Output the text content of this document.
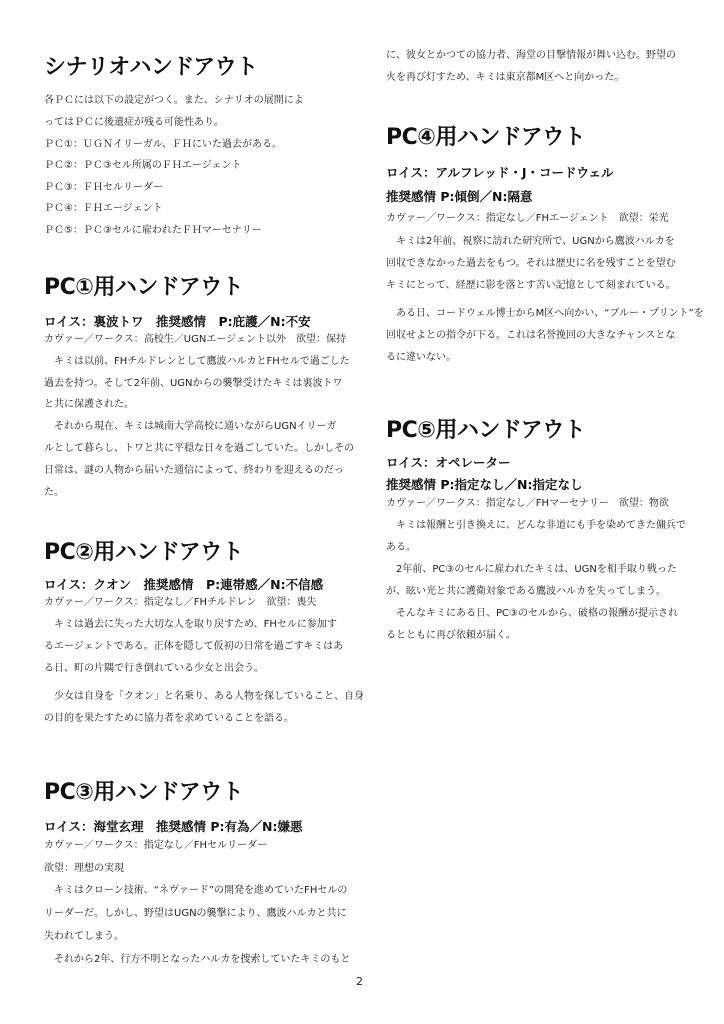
シナリオハンドアウト
各ＰＣには以下の設定がつく。また、シナリオの展開によ
ってはＰＣに後遺症が残る可能性あり。
ＰＣ①：ＵＧＮイリーガル、ＦＨにいた過去がある。
ＰＣ②：ＰＣ③セル所属のＦＨエージェント
ＰＣ③：ＦＨセルリーダー
ＰＣ④：ＦＨエージェント
ＰＣ⑤：ＰＣ③セルに雇われたＦＨマーセナリー
PC①用ハンドアウト
ロイス：裏波トワ　推奨感情　P:庇護／N:不安
カヴァー／ワークス：高校生／UGNエージェント以外　欲望：保持
　キミは以前、FHチルドレンとして鷹波ハルカとFHセルで過ごした
過去を持つ。そして2年前、UGNからの襲撃受けたキミは裏波トワ
と共に保護された。
　それから現在、キミは城南大学高校に通いながらUGNイリーガ
ルとして暮らし、トワと共に平穏な日々を過ごしていた。しかしその
日常は、謎の人物から届いた通信によって、終わりを迎えるのだっ
た。
PC②用ハンドアウト
ロイス：クオン　推奨感情　P:連帯感／N:不信感
カヴァー／ワークス：指定なし／FHチルドレン　欲望：喪失
　キミは過去に失った大切な人を取り戻すため、FHセルに参加す
るエージェントである。正体を隠して仮初の日常を過ごすキミはあ
る日、町の片隅で行き倒れている少女と出会う。
　少女は自身を「クオン」と名乗り、ある人物を探していること、自身
の目的を果たすために協力者を求めていることを語る。
PC③用ハンドアウト
ロイス：海堂玄理　推奨感情 P:有為／N:嫌悪
カヴァー／ワークス：指定なし／FHセルリーダー
欲望：理想の実現
　キミはクローン技術、“ネヴァード”の開発を進めていたFHセルの
リーダーだ。しかし、野望はUGNの襲撃により、鷹波ハルカと共に
失われてしまう。
　それから2年、行方不明となったハルカを捜索していたキミのもと
に、彼女とかつての協力者、海堂の目撃情報が舞い込む。野望の
火を再び灯すため、キミは東京都M区へと向かった。
PC④用ハンドアウト
ロイス：アルフレッド・J・コードウェル
推奨感情 P:傾倒／N:隔意
カヴァー／ワークス：指定なし／FHエージェント　欲望：栄光
　キミは2年前、視察に訪れた研究所で、UGNから鷹波ハルカを
回収できなかった過去をもつ。それは歴史に名を残すことを望む
キミにとって、経歴に影を落とす苦い記憶として刻まれている。
　ある日、コードウェル博士からM区へ向かい、“ブルー・プリント”を
回収せよとの指令が下る。これは名誉挽回の大きなチャンスとな
るに違いない。
PC⑤用ハンドアウト
ロイス：オペレーター
推奨感情 P:指定なし／N:指定なし
カヴァー／ワークス：指定なし／FHマーセナリー　欲望：物欲
　キミは報酬と引き換えに、どんな非道にも手を染めてきた傭兵で
ある。
　2年前、PC③のセルに雇われたキミは、UGNを相手取り戦った
が、眩い光と共に護衛対象である鷹波ハルカを失ってしまう。
　そんなキミにある日、PC③のセルから、破格の報酬が提示され
るとともに再び依頼が届く。
2
